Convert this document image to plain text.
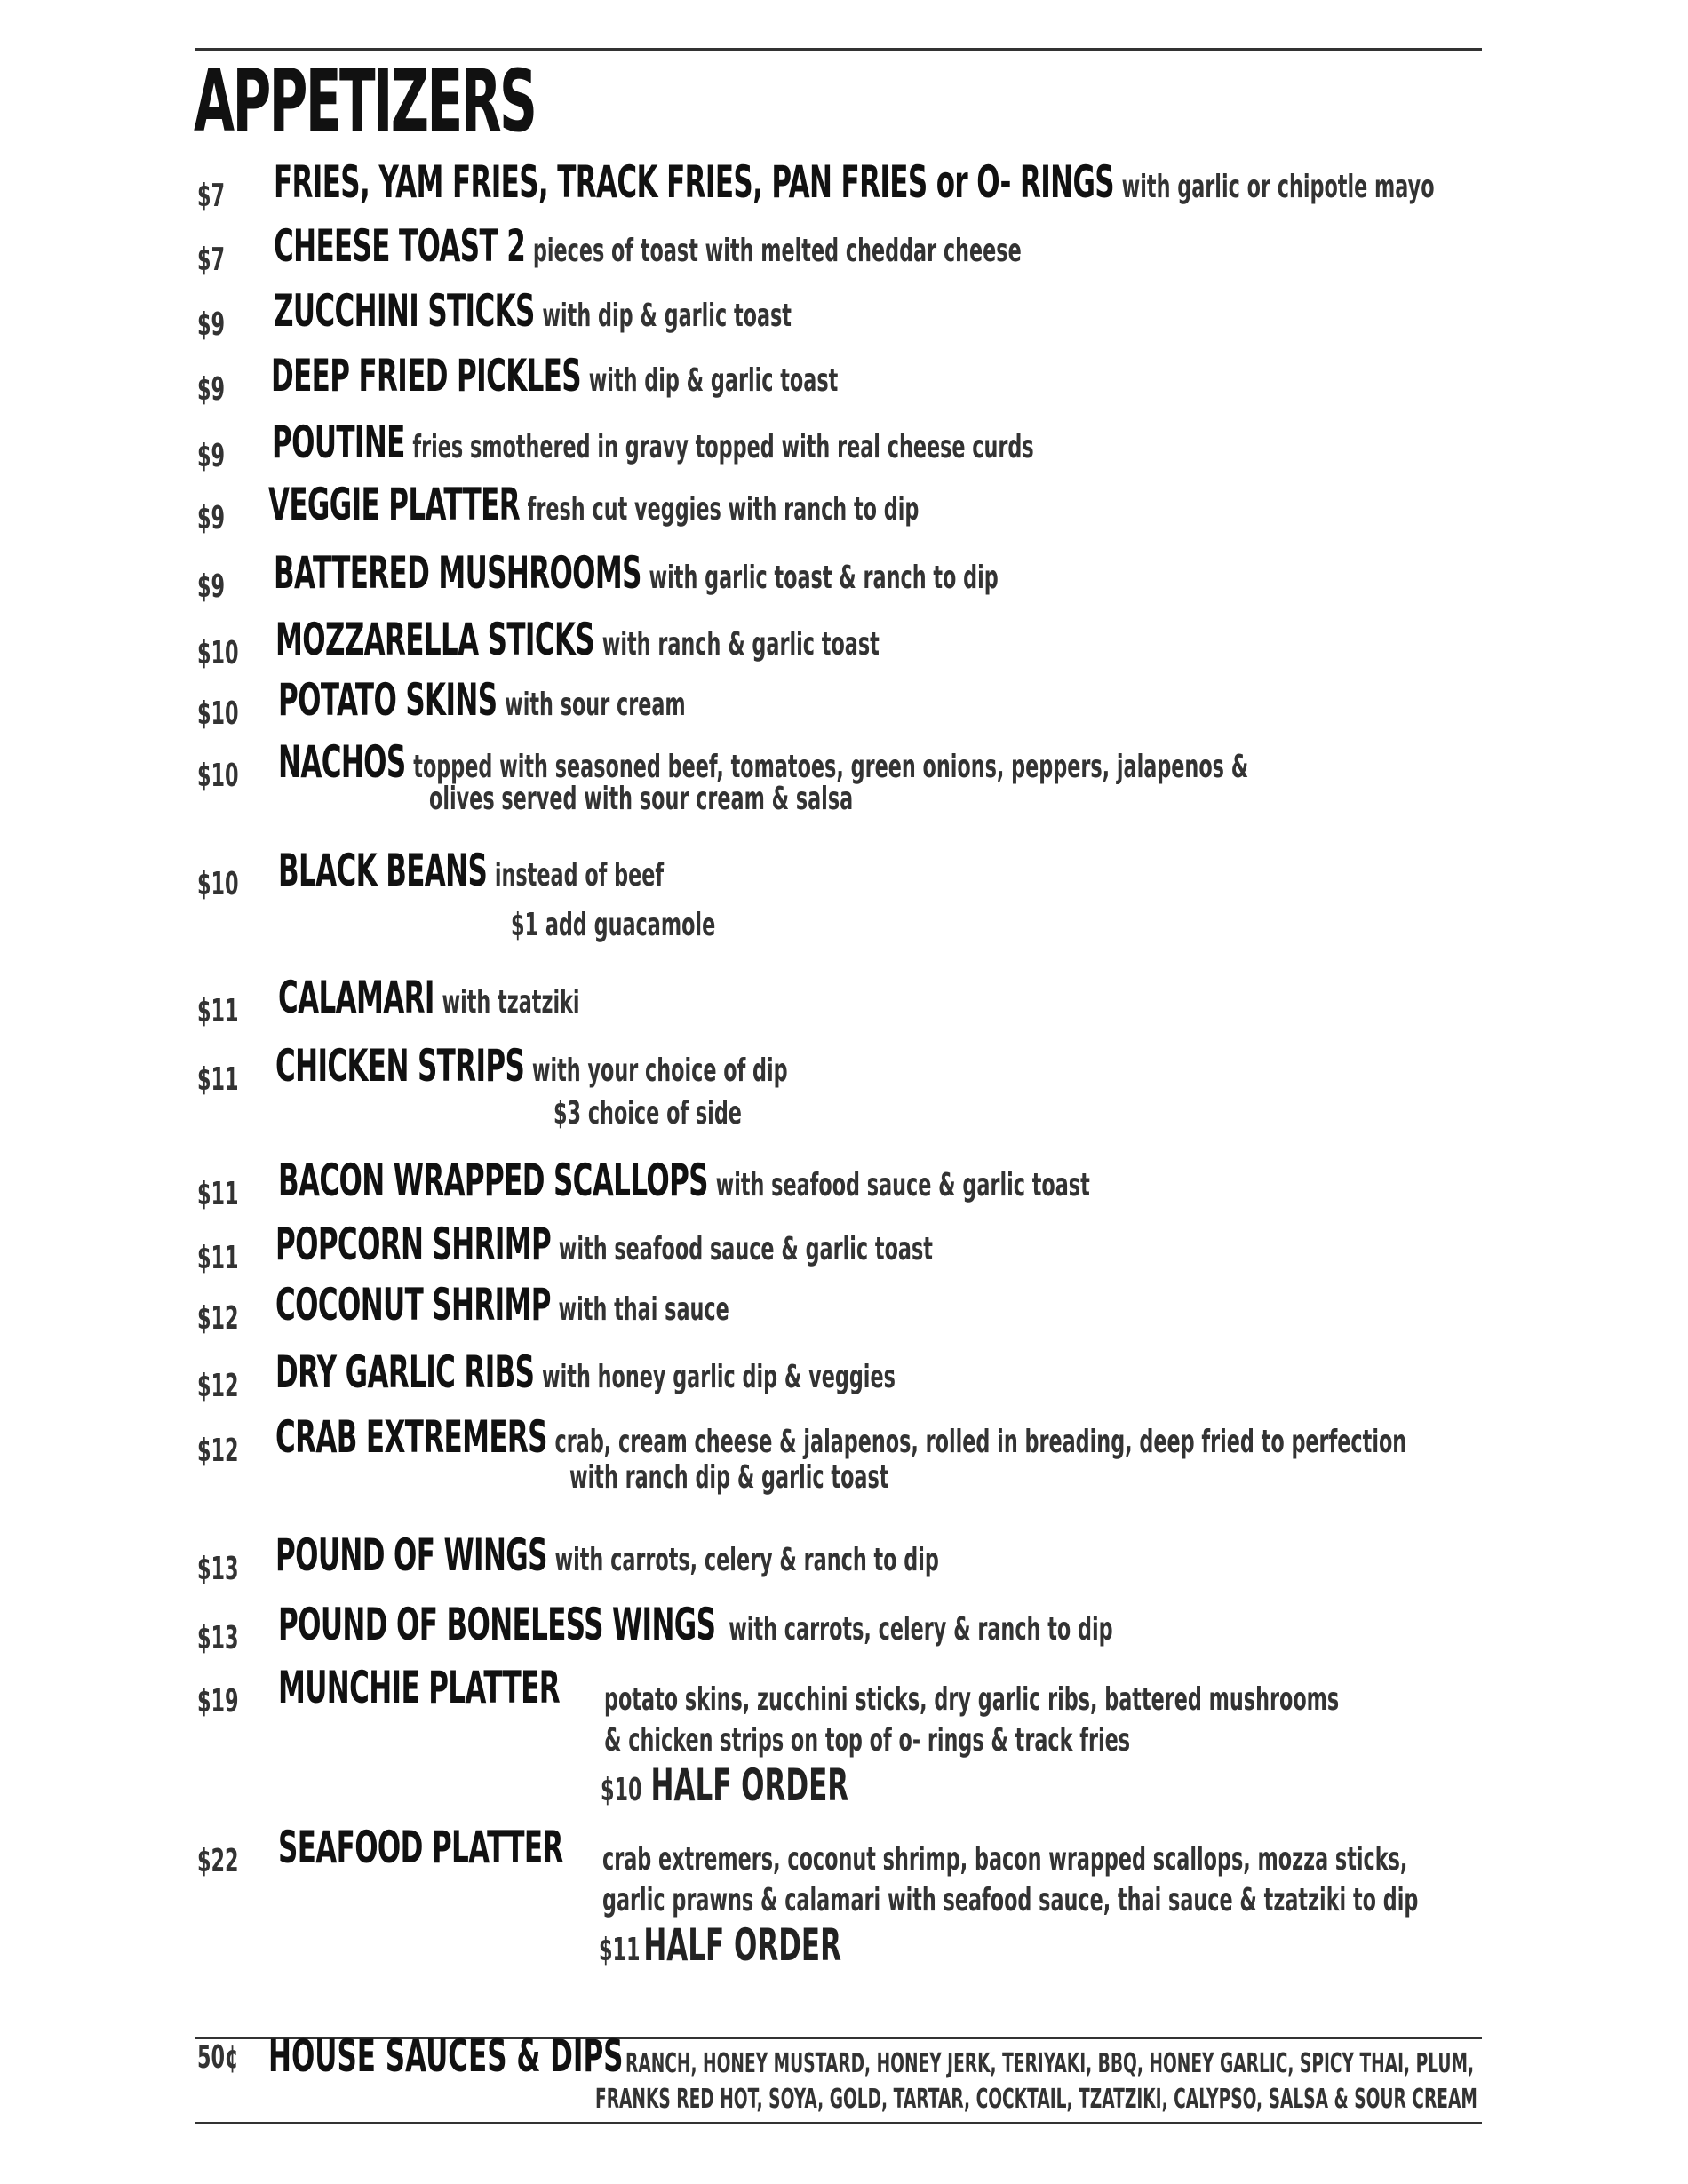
APPETIZERS
$7 FRIES, YAM FRIES, TRACK FRIES, PAN FRIES or O- RINGS with garlic or chipotle mayo
$7 CHEESE TOAST 2 pieces of toast with melted cheddar cheese
$9 ZUCCHINI STICKS with dip & garlic toast
$9 DEEP FRIED PICKLES with dip & garlic toast
$9 POUTINE fries smothered in gravy topped with real cheese curds
$9 VEGGIE PLATTER fresh cut veggies with ranch to dip
$9 BATTERED MUSHROOMS with garlic toast & ranch to dip
$10 MOZZARELLA STICKS with ranch & garlic toast
$10 POTATO SKINS with sour cream
$10 NACHOS topped with seasoned beef, tomatoes, green onions, peppers, jalapenos &
olives served with sour cream & salsa
$10 BLACK BEANS instead of beef
$1 add guacamole
$11 CALAMARI with tzatziki
$11 CHICKEN STRIPS with your choice of dip
$3 choice of side
$11 BACON WRAPPED SCALLOPS with seafood sauce & garlic toast
$11 POPCORN SHRIMP with seafood sauce & garlic toast
$12 COCONUT SHRIMP with thai sauce
$12 DRY GARLIC RIBS with honey garlic dip & veggies
$12 CRAB EXTREMERS crab, cream cheese & jalapenos, rolled in breading, deep fried to perfection
with ranch dip & garlic toast
$13 POUND OF WINGS with carrots, celery & ranch to dip
$13 POUND OF BONELESS WINGS with carrots, celery & ranch to dip
$19 MUNCHIE PLATTER potato skins, zucchini sticks, dry garlic ribs, battered mushrooms
& chicken strips on top of o- rings & track fries
$10 HALF ORDER
$22 SEAFOOD PLATTER crab extremers, coconut shrimp, bacon wrapped scallops, mozza sticks,
garlic prawns & calamari with seafood sauce, thai sauce & tzatziki to dip
$11HALF ORDER
50¢ HOUSE SAUCES & DIPS RANCH, HONEY MUSTARD, HONEY JERK, TERIYAKI, BBQ, HONEY GARLIC, SPICY THAI, PLUM,
FRANKS RED HOT, SOYA, GOLD, TARTAR, COCKTAIL, TZATZIKI, CALYPSO, SALSA & SOUR CREAM
